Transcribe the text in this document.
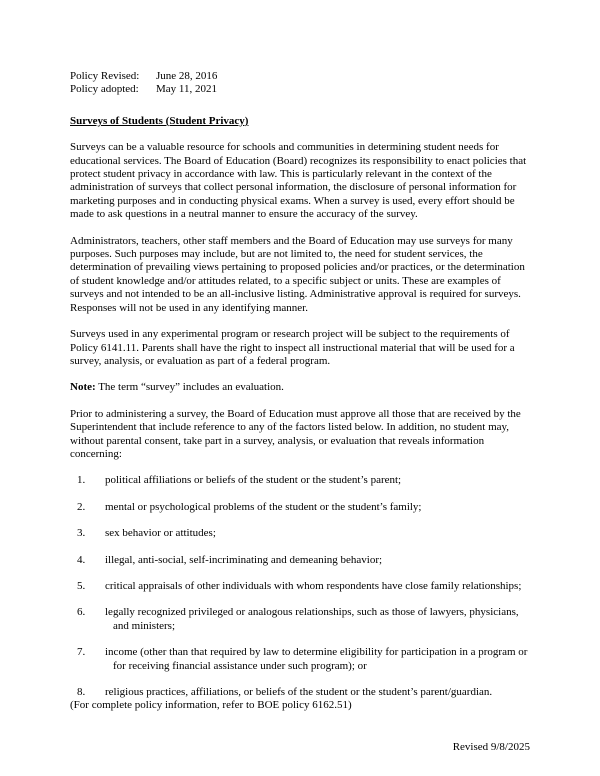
Policy Revised:	June 28, 2016
Policy adopted:	May 11, 2021
Surveys of Students (Student Privacy)

Surveys can be a valuable resource for schools and communities in determining student needs for educational services. The Board of Education (Board) recognizes its responsibility to enact policies that protect student privacy in accordance with law. This is particularly relevant in the context of the administration of surveys that collect personal information, the disclosure of personal information for marketing purposes and in conducting physical exams. When a survey is used, every effort should be made to ask questions in a neutral manner to ensure the accuracy of the survey.

Administrators, teachers, other staff members and the Board of Education may use surveys for many purposes. Such purposes may include, but are not limited to, the need for student services, the determination of prevailing views pertaining to proposed policies and/or practices, or the determination of student knowledge and/or attitudes related, to a specific subject or units. These are examples of surveys and not intended to be an all-inclusive listing. Administrative approval is required for surveys. Responses will not be used in any identifying manner.

Surveys used in any experimental program or research project will be subject to the requirements of Policy 6141.11. Parents shall have the right to inspect all instructional material that will be used for a survey, analysis, or evaluation as part of a federal program.

Note: The term “survey” includes an evaluation.

Prior to administering a survey, the Board of Education must approve all those that are received by the Superintendent that include reference to any of the factors listed below. In addition, no student may, without parental consent, take part in a survey, analysis, or evaluation that reveals information concerning:

1.	political affiliations or beliefs of the student or the student’s parent;
2.	mental or psychological problems of the student or the student’s family;
3.	sex behavior or attitudes;
4.	illegal, anti-social, self-incriminating and demeaning behavior;
5.	critical appraisals of other individuals with whom respondents have close family relationships;
6.	legally recognized privileged or analogous relationships, such as those of lawyers, physicians, and ministers;
7.	income (other than that required by law to determine eligibility for participation in a program or for receiving financial assistance under such program); or
8.	religious practices, affiliations, or beliefs of the student or the student’s parent/guardian.

(For complete policy information, refer to BOE policy 6162.51)

Revised 9/8/2025
